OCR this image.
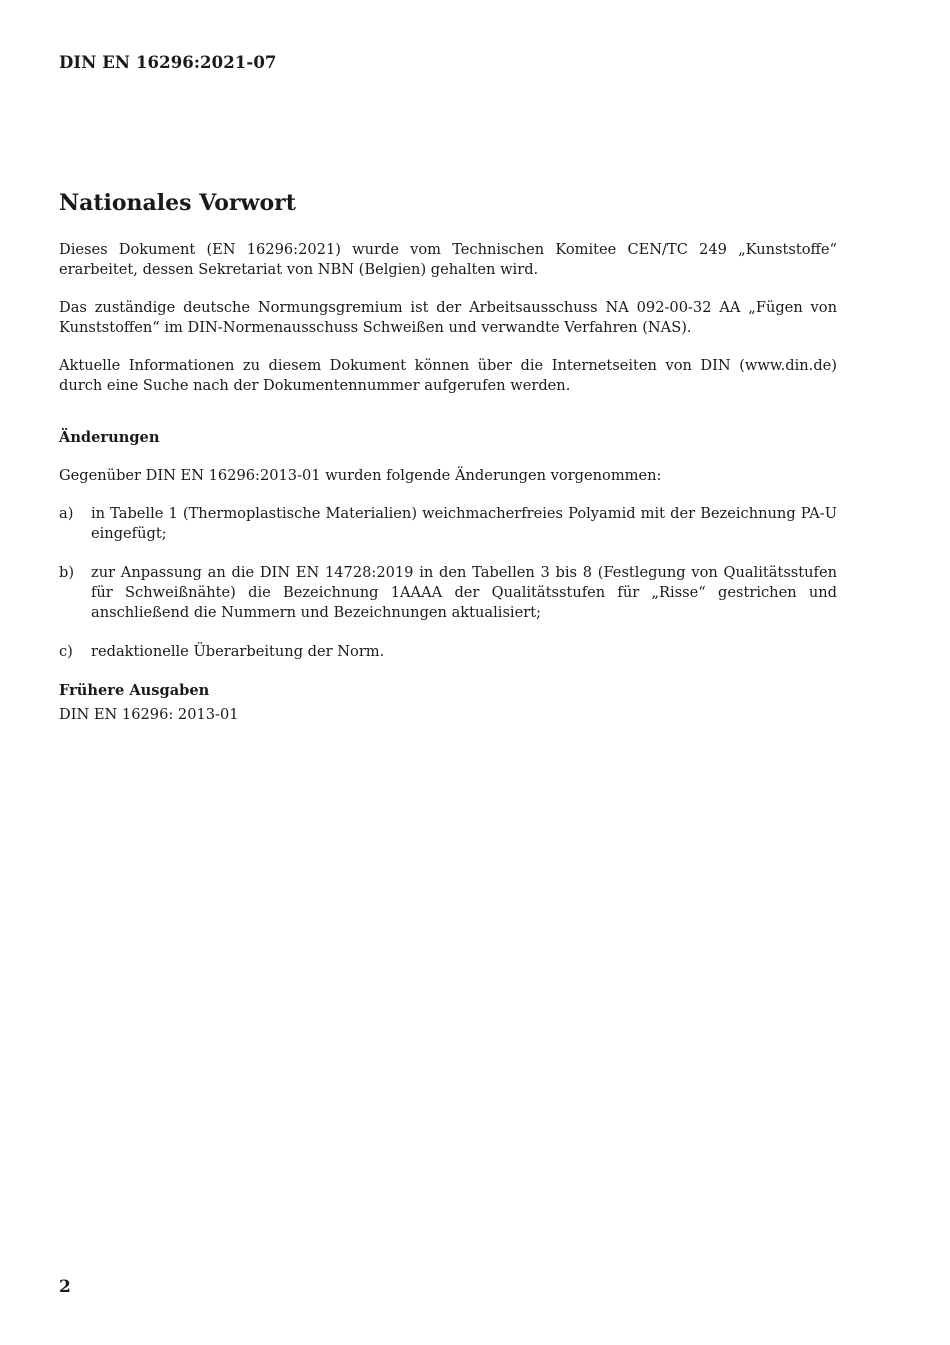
DIN EN 16296:2021-07
Nationales Vorwort

Dieses Dokument (EN 16296:2021) wurde vom Technischen Komitee CEN/TC 249 „Kunststoffe“ erarbeitet, dessen Sekretariat von NBN (Belgien) gehalten wird.

Das zuständige deutsche Normungsgremium ist der Arbeitsausschuss NA 092-00-32 AA „Fügen von Kunststoffen“ im DIN-Normenausschuss Schweißen und verwandte Verfahren (NAS).

Aktuelle Informationen zu diesem Dokument können über die Internetseiten von DIN (www.din.de) durch eine Suche nach der Dokumentennummer aufgerufen werden.

Änderungen

Gegenüber DIN EN 16296:2013-01 wurden folgende Änderungen vorgenommen:

a)	in Tabelle 1 (Thermoplastische Materialien) weichmacherfreies Polyamid mit der Bezeichnung PA-U eingefügt;
b)	zur Anpassung an die DIN EN 14728:2019 in den Tabellen 3 bis 8 (Festlegung von Qualitätsstufen für Schweißnähte) die Bezeichnung 1AAAA der Qualitätsstufen für „Risse“ gestrichen und anschließend die Nummern und Bezeichnungen aktualisiert;
c)	redaktionelle Überarbeitung der Norm.
Frühere Ausgaben

DIN EN 16296: 2013-01

2
